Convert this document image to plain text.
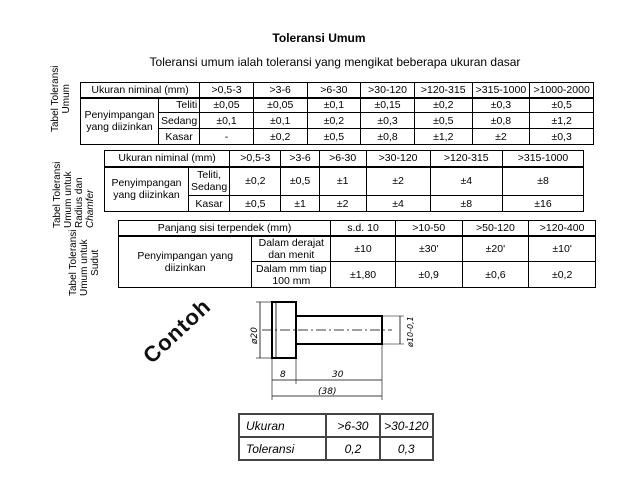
Toleransi Umum
Toleransi umum ialah toleransi yang mengikat beberapa ukuran dasar
Tabel Toleransi Umum Ukuran niminal (mm)		>0,5-3	>3-6	>6-30	>30-120	>120-315	>315-1000	>1000-2000
Penyimpangan yang diizinkan	Teliti	±0,05	±0,05	±0,1	±0,15	±0,2	±0,3	±0,5
	Sedang	±0,1	±0,1	±0,2	±0,3	±0,5	±0,8	±1,2
	Kasar	-	±0,2	±0,5	±0,8	±1,2	±2	±0,3
Tabel Toleransi Umum untuk Radius dan Chamfer
Ukuran niminal (mm)		>0,5-3	>3-6	>6-30	>30-120	>120-315	>315-1000
Penyimpangan yang diizinkan	Teliti, Sedang	±0,2	±0,5	±1	±2	±4	±8
	Kasar	±0,5	±1	±2	±4	±8	±16
Tabel Toleransi Umum untuk Sudut
Panjang sisi terpendek (mm)		s.d. 10	>10-50	>50-120	>120-400
Penyimpangan yang diizinkan	Dalam derajat dan menit	±10	±30'	±20'	±10'
	Dalam mm tiap 100 mm	±1,80	±0,9	±0,6	±0,2
Contoh	ø20	ø10-0,1
8	30
(38)
Ukuran	>6-30	>30-120
Toleransi	0,2	0,3
